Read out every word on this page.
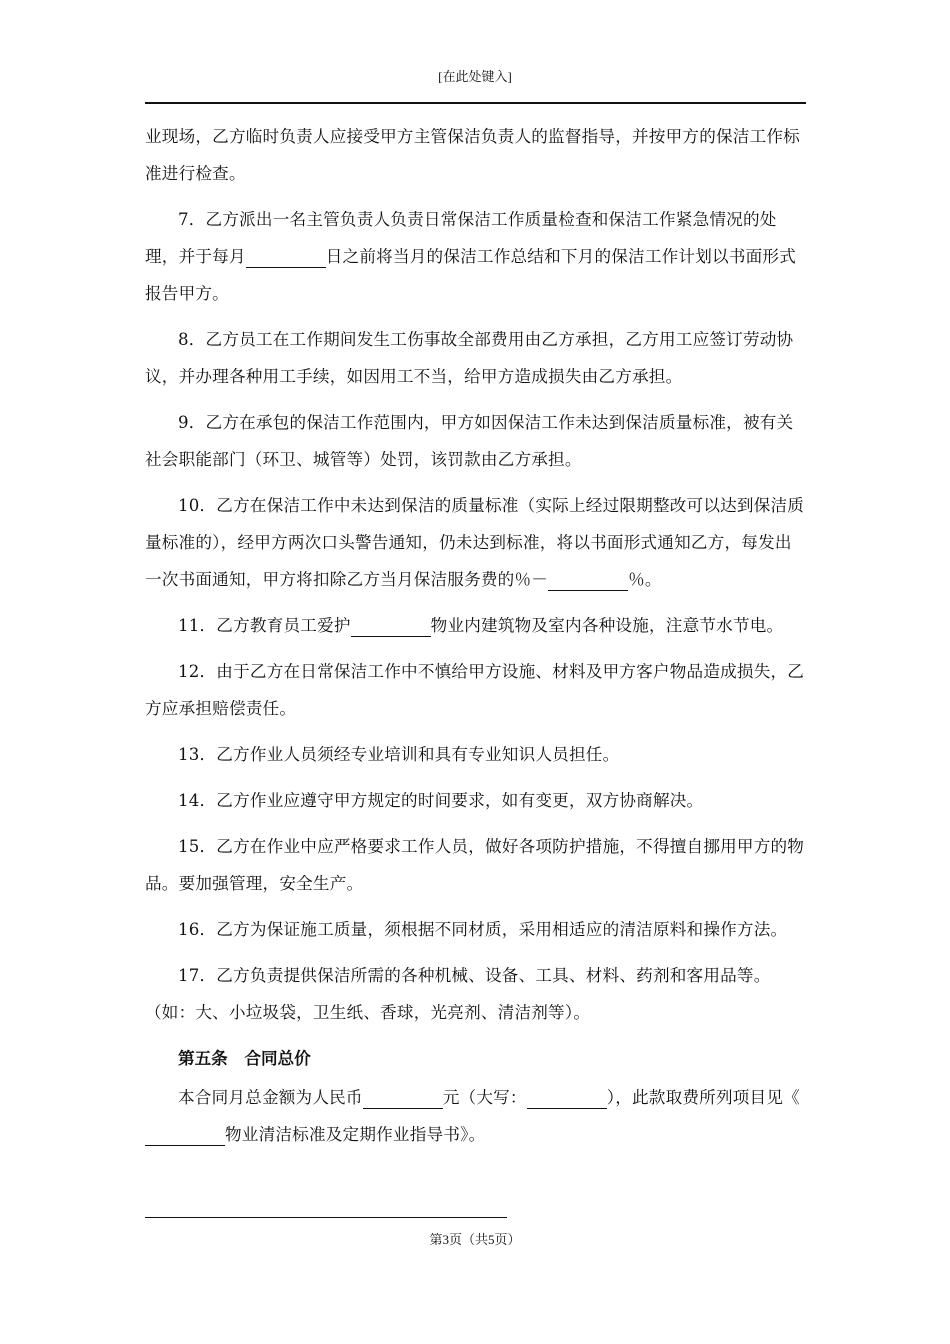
[在此处键入]

业现场，乙方临时负责人应接受甲方主管保洁负责人的监督指导，并按甲方的保洁工作标准进行检查。

7．乙方派出一名主管负责人负责日常保洁工作质量检查和保洁工作紧急情况的处理，并于每月	日之前将当月的保洁工作总结和下月的保洁工作计划以书面形式报告甲方。

8．乙方员工在工作期间发生工伤事故全部费用由乙方承担，乙方用工应签订劳动协议，并办理各种用工手续，如因用工不当，给甲方造成损失由乙方承担。

9．乙方在承包的保洁工作范围内，甲方如因保洁工作未达到保洁质量标准，被有关社会职能部门（环卫、城管等）处罚，该罚款由乙方承担。

10．乙方在保洁工作中未达到保洁的质量标准（实际上经过限期整改可以达到保洁质量标准的），经甲方两次口头警告通知，仍未达到标准，将以书面形式通知乙方，每发出一次书面通知，甲方将扣除乙方当月保洁服务费的％－	％。

11．乙方教育员工爱护	物业内建筑物及室内各种设施，注意节水节电。

12．由于乙方在日常保洁工作中不慎给甲方设施、材料及甲方客户物品造成损失，乙方应承担赔偿责任。

13．乙方作业人员须经专业培训和具有专业知识人员担任。

14．乙方作业应遵守甲方规定的时间要求，如有变更，双方协商解决。

15．乙方在作业中应严格要求工作人员，做好各项防护措施，不得擅自挪用甲方的物品。要加强管理，安全生产。

16．乙方为保证施工质量，须根据不同材质，采用相适应的清洁原料和操作方法。

17．乙方负责提供保洁所需的各种机械、设备、工具、材料、药剂和客用品等。（如：大、小垃圾袋，卫生纸、香球，光亮剂、清洁剂等）。

第五条　合同总价

本合同月总金额为人民币	元（大写：	），此款取费所列项目见《物业清洁标准及定期作业指导书》。

第3页（共5页）
